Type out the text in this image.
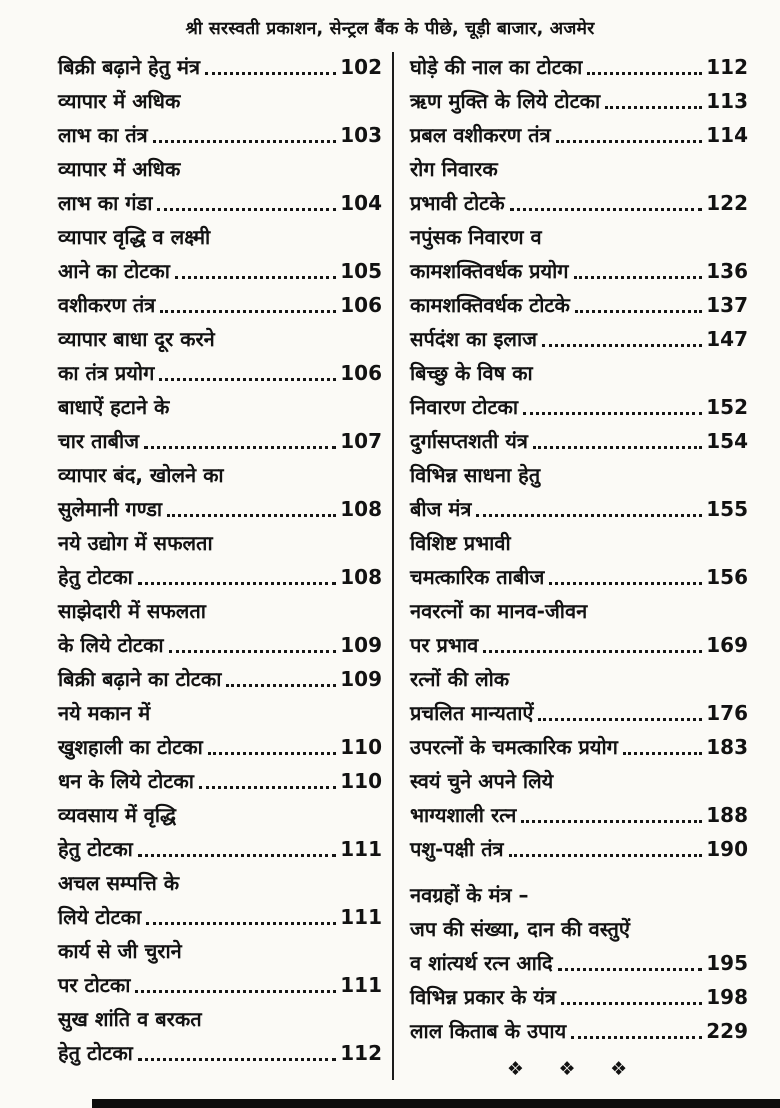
श्री सरस्वती प्रकाशन, सेन्ट्रल बैंक के पीछे, चूड़ी बाजार, अजमेर
बिक्री बढ़ाने हेतु मंत्र	102
व्यापार में अधिक
लाभ का तंत्र	103
व्यापार में अधिक
लाभ का गंडा	104
व्यापार वृद्धि व लक्ष्मी
आने का टोटका	105
वशीकरण तंत्र	106
व्यापार बाधा दूर करने
का तंत्र प्रयोग	106
बाधाऐं हटाने के
चार ताबीज	107
व्यापार बंद, खोलने का
सुलेमानी गण्डा	108
नये उद्योग में सफलता
हेतु टोटका	108
साझेदारी में सफलता
के लिये टोटका	109
बिक्री बढ़ाने का टोटका	109
नये मकान में
खुशहाली का टोटका	110
धन के लिये टोटका	110
व्यवसाय में वृद्धि
हेतु टोटका	111
अचल सम्पत्ति के
लिये टोटका	111
कार्य से जी चुराने
पर टोटका	111
सुख शांति व बरकत
हेतु टोटका	112
घोड़े की नाल का टोटका	112
ऋण मुक्ति के लिये टोटका	113
प्रबल वशीकरण तंत्र	114
रोग निवारक
प्रभावी टोटके	122
नपुंसक निवारण व
कामशक्तिवर्धक प्रयोग	136
कामशक्तिवर्धक टोटके	137
सर्पदंश का इलाज	147
बिच्छु के विष का
निवारण टोटका	152
दुर्गासप्तशती यंत्र	154
विभिन्न साधना हेतु
बीज मंत्र	155
विशिष्ट प्रभावी
चमत्कारिक ताबीज	156
नवरत्नों का मानव-जीवन
पर प्रभाव	169
रत्नों की लोक
प्रचलित मान्यताऐं	176
उपरत्नों के चमत्कारिक प्रयोग	183
स्वयं चुने अपने लिये
भाग्यशाली रत्न	188
पशु-पक्षी तंत्र	190
नवग्रहों के मंत्र –
जप की संख्या, दान की वस्तुऐं
व शांत्यर्थ रत्न आदि	195
विभिन्न प्रकार के यंत्र	198
लाल किताब के उपाय	229
❖ ❖ ❖
